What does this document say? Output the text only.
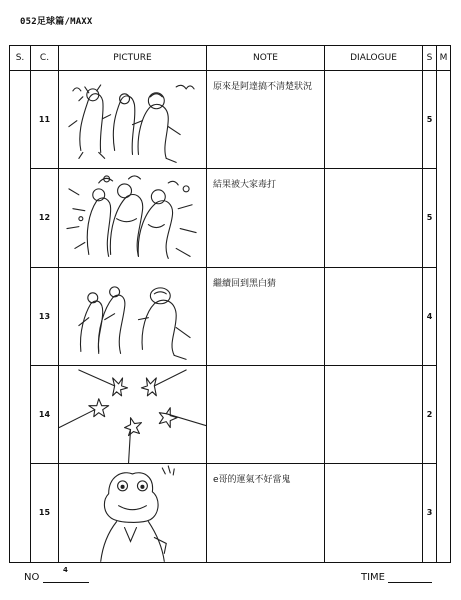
052足球篇/MAXX
S.	C.	PICTURE	NOTE	DIALOGUE	S	M
	11		原來是阿達搞不清楚狀況		5	
	12		結果被大家毒打		5	
	13		繼續回到黑白猜		4	
	14				2	
	15		e哥的運氣不好當鬼		3	
NO
4
TIME
